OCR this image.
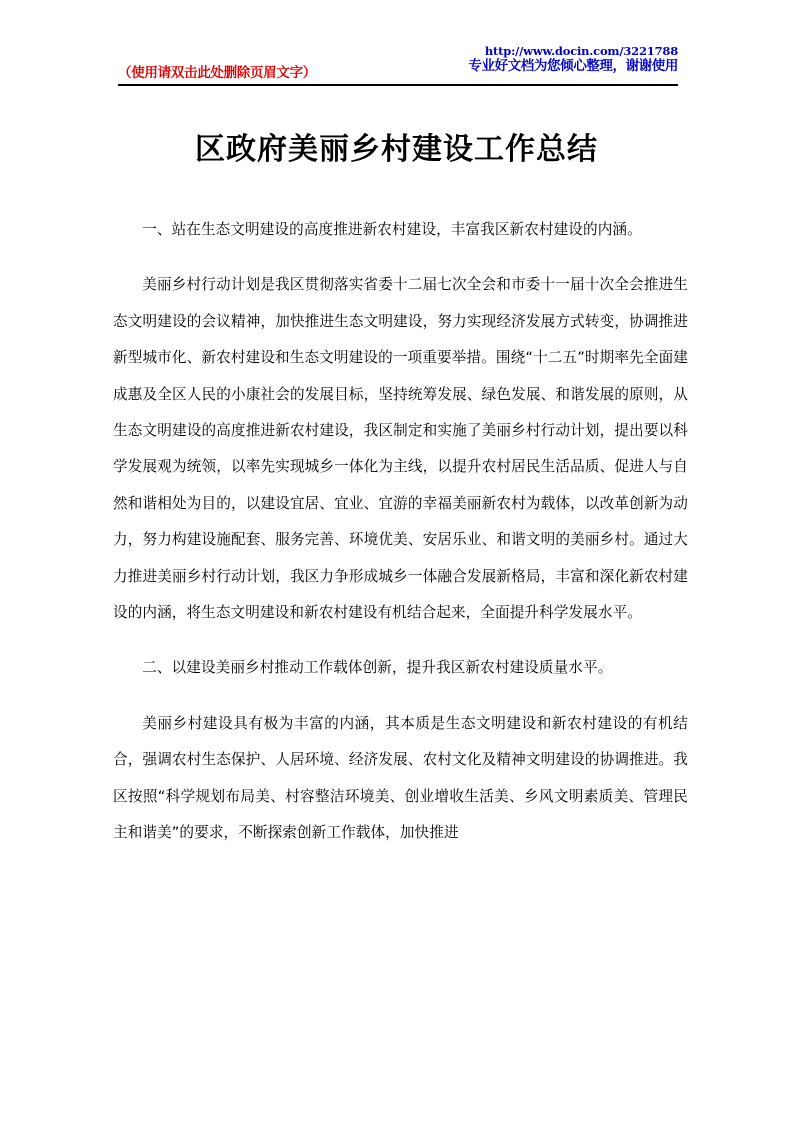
（使用请双击此处删除页眉文字）
http://www.docin.com/3221788
专业好文档为您倾心整理，谢谢使用
区政府美丽乡村建设工作总结

一、站在生态文明建设的高度推进新农村建设，丰富我区新农村建设的内涵。

美丽乡村行动计划是我区贯彻落实省委十二届七次全会和市委十一届十次全会推进生态文明建设的会议精神，加快推进生态文明建设，努力实现经济发展方式转变，协调推进新型城市化、新农村建设和生态文明建设的一项重要举措。围绕“十二五”时期率先全面建成惠及全区人民的小康社会的发展目标，坚持统筹发展、绿色发展、和谐发展的原则，从生态文明建设的高度推进新农村建设，我区制定和实施了美丽乡村行动计划，提出要以科学发展观为统领，以率先实现城乡一体化为主线，以提升农村居民生活品质、促进人与自然和谐相处为目的，以建设宜居、宜业、宜游的幸福美丽新农村为载体，以改革创新为动力，努力构建设施配套、服务完善、环境优美、安居乐业、和谐文明的美丽乡村。通过大力推进美丽乡村行动计划，我区力争形成城乡一体融合发展新格局，丰富和深化新农村建设的内涵，将生态文明建设和新农村建设有机结合起来，全面提升科学发展水平。

二、以建设美丽乡村推动工作载体创新，提升我区新农村建设质量水平。

美丽乡村建设具有极为丰富的内涵，其本质是生态文明建设和新农村建设的有机结合，强调农村生态保护、人居环境、经济发展、农村文化及精神文明建设的协调推进。我区按照“科学规划布局美、村容整洁环境美、创业增收生活美、乡风文明素质美、管理民主和谐美”的要求，不断探索创新工作载体，加快推进
